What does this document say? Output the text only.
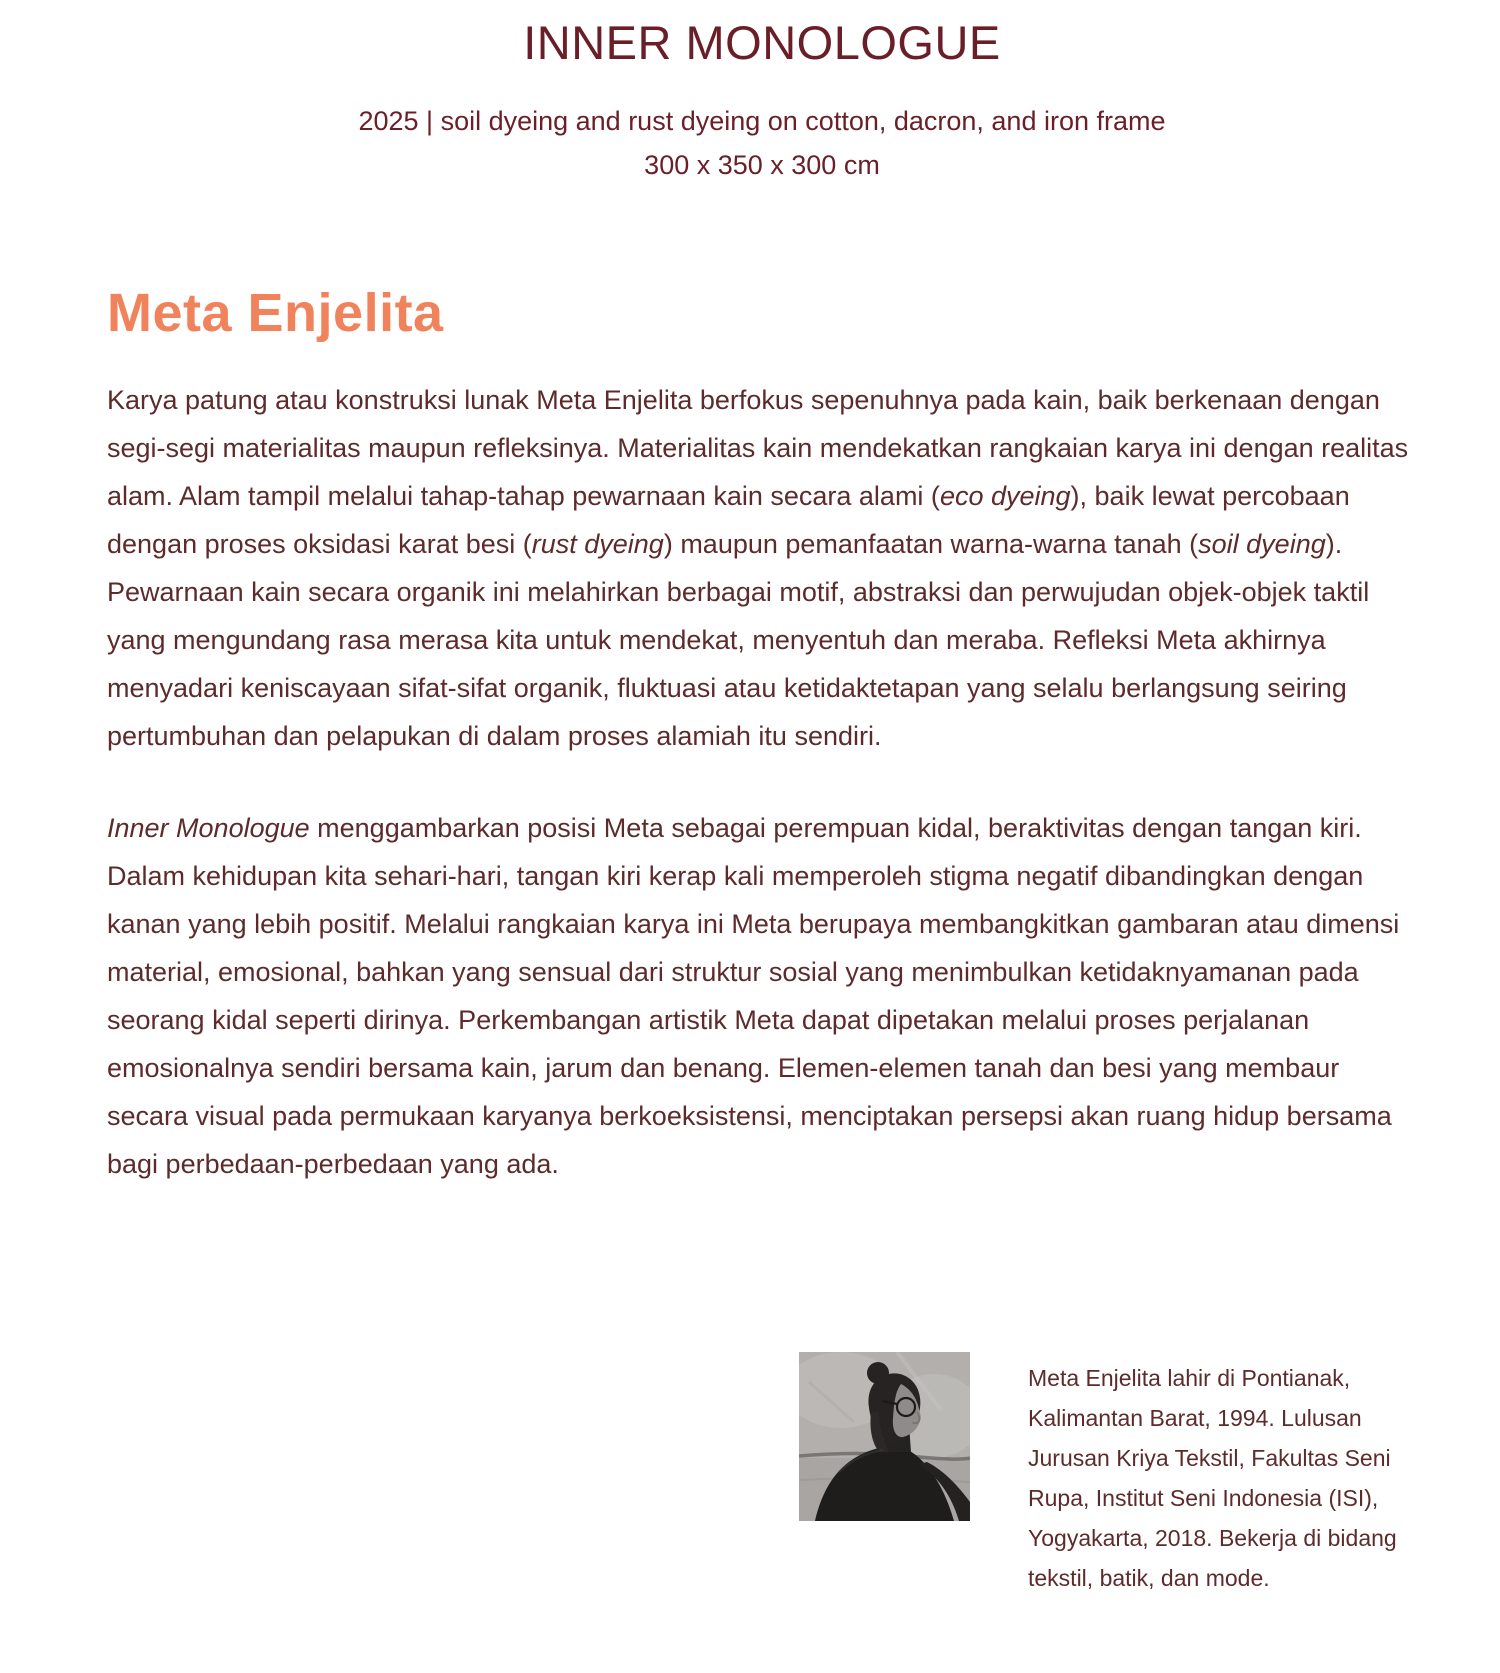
INNER MONOLOGUE

2025 | soil dyeing and rust dyeing on cotton, dacron, and iron frame

300 x 350 x 300 cm

Meta Enjelita

Karya patung atau konstruksi lunak Meta Enjelita berfokus sepenuhnya pada kain, baik berkenaan dengan segi-segi materialitas maupun refleksinya. Materialitas kain mendekatkan rangkaian karya ini dengan realitas alam. Alam tampil melalui tahap-tahap pewarnaan kain secara alami (eco dyeing), baik lewat percobaan dengan proses oksidasi karat besi (rust dyeing) maupun pemanfaatan warna-warna tanah (soil dyeing). Pewarnaan kain secara organik ini melahirkan berbagai motif, abstraksi dan perwujudan objek-objek taktil yang mengundang rasa merasa kita untuk mendekat, menyentuh dan meraba. Refleksi Meta akhirnya menyadari keniscayaan sifat-sifat organik, fluktuasi atau ketidaktetapan yang selalu berlangsung seiring pertumbuhan dan pelapukan di dalam proses alamiah itu sendiri.

Inner Monologue menggambarkan posisi Meta sebagai perempuan kidal, beraktivitas dengan tangan kiri. Dalam kehidupan kita sehari-hari, tangan kiri kerap kali memperoleh stigma negatif dibandingkan dengan kanan yang lebih positif. Melalui rangkaian karya ini Meta berupaya membangkitkan gambaran atau dimensi material, emosional, bahkan yang sensual dari struktur sosial yang menimbulkan ketidaknyamanan pada seorang kidal seperti dirinya. Perkembangan artistik Meta dapat dipetakan melalui proses perjalanan emosionalnya sendiri bersama kain, jarum dan benang. Elemen-elemen tanah dan besi yang membaur secara visual pada permukaan karyanya berkoeksistensi, menciptakan persepsi akan ruang hidup bersama bagi perbedaan-perbedaan yang ada.

Meta Enjelita lahir di Pontianak, Kalimantan Barat, 1994. Lulusan Jurusan Kriya Tekstil, Fakultas Seni Rupa, Institut Seni Indonesia (ISI), Yogyakarta, 2018. Bekerja di bidang tekstil, batik, dan mode.
